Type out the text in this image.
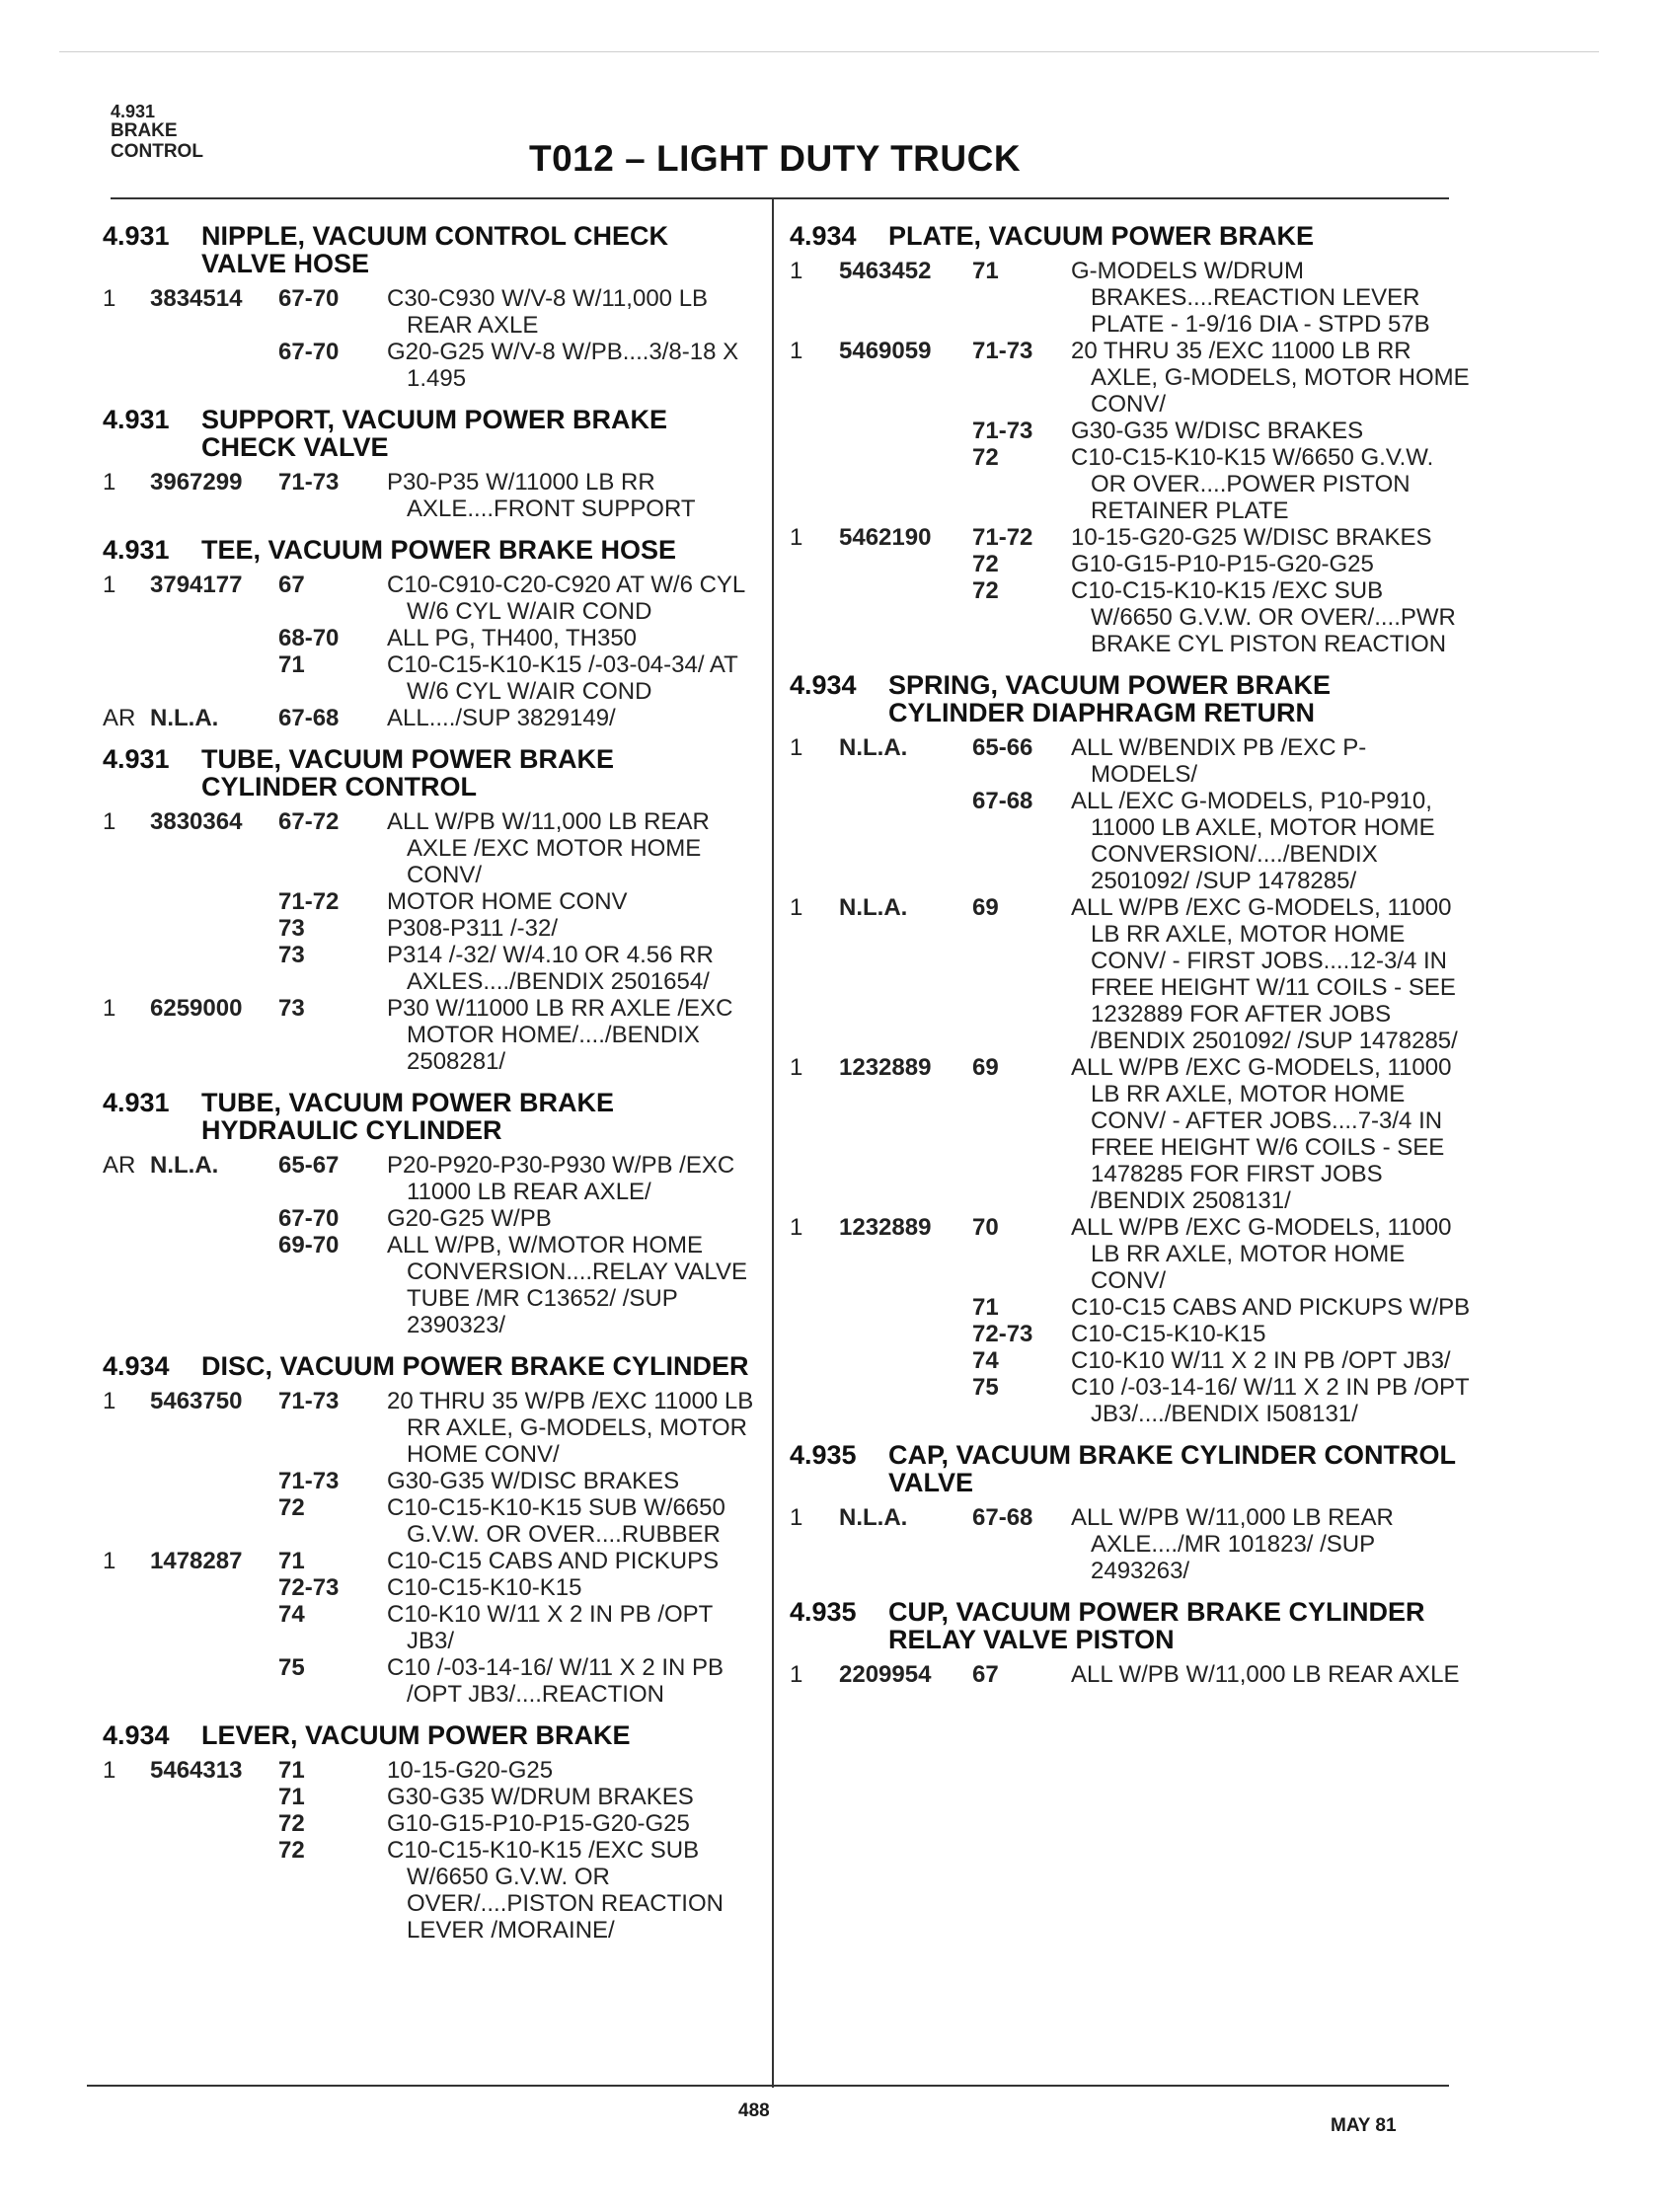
4.931
BRAKE
CONTROL	T012 – LIGHT DUTY TRUCK
4.931	NIPPLE, VACUUM CONTROL CHECK VALVE HOSE
1	3834514	67-70	C30-C930 W/V-8 W/11,000 LB REAR AXLE
67-70	G20-G25 W/V-8 W/PB....3/8-18 X 1.495
4.931	SUPPORT, VACUUM POWER BRAKE CHECK VALVE
1	3967299	71-73	P30-P35 W/11000 LB RR AXLE....FRONT SUPPORT
4.931	TEE, VACUUM POWER BRAKE HOSE
1	3794177	67	C10-C910-C20-C920 AT W/6 CYL W/6 CYL W/AIR COND
68-70	ALL PG, TH400, TH350
71	C10-C15-K10-K15 /-03-04-34/ AT W/6 CYL W/AIR COND
AR N.L.A.	67-68	ALL..../SUP 3829149/
4.931	TUBE, VACUUM POWER BRAKE CYLINDER CONTROL
1	3830364	67-72	ALL W/PB W/11,000 LB REAR AXLE /EXC MOTOR HOME CONV/
71-72	MOTOR HOME CONV
73	P308-P311 /-32/
73	P314 /-32/ W/4.10 OR 4.56 RR AXLES..../BENDIX 2501654/
1	6259000	73	P30 W/11000 LB RR AXLE /EXC MOTOR HOME/..../BENDIX 2508281/
4.931	TUBE, VACUUM POWER BRAKE HYDRAULIC CYLINDER
AR N.L.A.	65-67	P20-P920-P30-P930 W/PB /EXC 11000 LB REAR AXLE/
67-70	G20-G25 W/PB
69-70	ALL W/PB, W/MOTOR HOME CONVERSION....RELAY VALVE TUBE /MR C13652/ /SUP 2390323/
4.934	DISC, VACUUM POWER BRAKE CYLINDER
1	5463750	71-73	20 THRU 35 W/PB /EXC 11000 LB RR AXLE, G-MODELS, MOTOR HOME CONV/
71-73	G30-G35 W/DISC BRAKES
72	C10-C15-K10-K15 SUB W/6650 G.V.W. OR OVER....RUBBER
1	1478287	71	C10-C15 CABS AND PICKUPS
72-73	C10-C15-K10-K15
74	C10-K10 W/11 X 2 IN PB /OPT JB3/
75	C10 /-03-14-16/ W/11 X 2 IN PB /OPT JB3/....REACTION
4.934	LEVER, VACUUM POWER BRAKE
1	5464313	71	10-15-G20-G25
71	G30-G35 W/DRUM BRAKES
72	G10-G15-P10-P15-G20-G25
72	C10-C15-K10-K15 /EXC SUB W/6650 G.V.W. OR OVER/....PISTON REACTION LEVER /MORAINE/
4.934	PLATE, VACUUM POWER BRAKE
1	5463452	71	G-MODELS W/DRUM BRAKES....REACTION LEVER PLATE - 1-9/16 DIA - STPD 57B
1	5469059	71-73	20 THRU 35 /EXC 11000 LB RR AXLE, G-MODELS, MOTOR HOME CONV/
71-73	G30-G35 W/DISC BRAKES
72	C10-C15-K10-K15 W/6650 G.V.W. OR OVER....POWER PISTON RETAINER PLATE
1	5462190	71-72	10-15-G20-G25 W/DISC BRAKES
72	G10-G15-P10-P15-G20-G25
72	C10-C15-K10-K15 /EXC SUB W/6650 G.V.W. OR OVER/....PWR BRAKE CYL PISTON REACTION
4.934	SPRING, VACUUM POWER BRAKE CYLINDER DIAPHRAGM RETURN
1	N.L.A.	65-66	ALL W/BENDIX PB /EXC P-MODELS/
67-68	ALL /EXC G-MODELS, P10-P910, 11000 LB AXLE, MOTOR HOME CONVERSION/..../BENDIX 2501092/ /SUP 1478285/
1	N.L.A.	69	ALL W/PB /EXC G-MODELS, 11000 LB RR AXLE, MOTOR HOME CONV/ - FIRST JOBS....12-3/4 IN FREE HEIGHT W/11 COILS - SEE 1232889 FOR AFTER JOBS /BENDIX 2501092/ /SUP 1478285/
1	1232889	69	ALL W/PB /EXC G-MODELS, 11000 LB RR AXLE, MOTOR HOME CONV/ - AFTER JOBS....7-3/4 IN FREE HEIGHT W/6 COILS - SEE 1478285 FOR FIRST JOBS /BENDIX 2508131/
1	1232889	70	ALL W/PB /EXC G-MODELS, 11000 LB RR AXLE, MOTOR HOME CONV/
71	C10-C15 CABS AND PICKUPS W/PB
72-73	C10-C15-K10-K15
74	C10-K10 W/11 X 2 IN PB /OPT JB3/
75	C10 /-03-14-16/ W/11 X 2 IN PB /OPT JB3/..../BENDIX I508131/
4.935	CAP, VACUUM BRAKE CYLINDER CONTROL VALVE
1	N.L.A.	67-68	ALL W/PB W/11,000 LB REAR AXLE..../MR 101823/ /SUP 2493263/
4.935	CUP, VACUUM POWER BRAKE CYLINDER RELAY VALVE PISTON
1	2209954	67	ALL W/PB W/11,000 LB REAR AXLE
488
MAY 81
